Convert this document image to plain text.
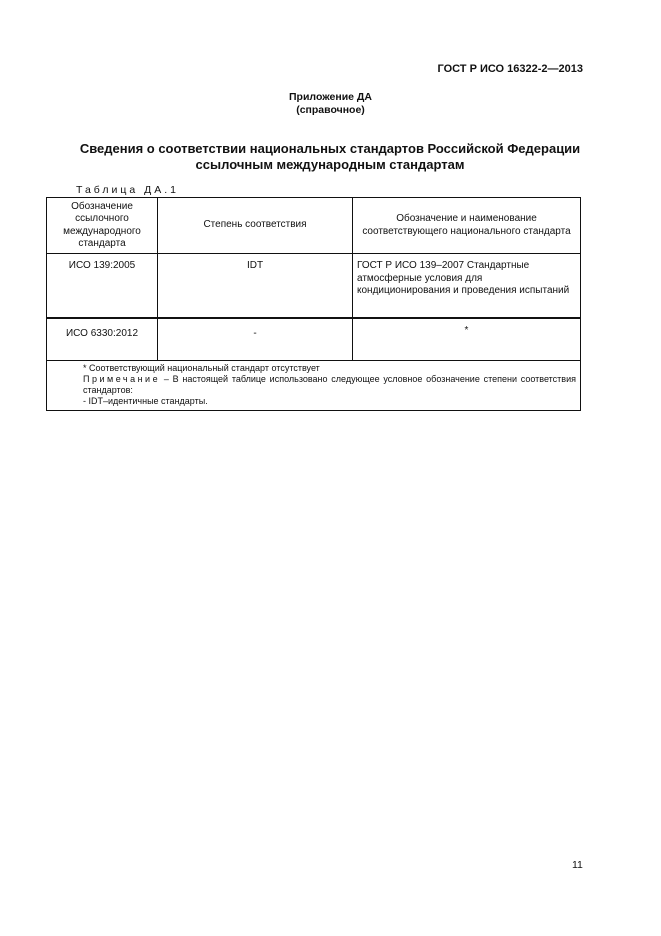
ГОСТ Р ИСО 16322-2—2013
Приложение ДА
(справочное)
Сведения о соответствии национальных стандартов Российской Федерации
ссылочным международным стандартам
Таблица ДА.1
Обозначение ссылочного международного стандарта	Степень соответствия	Обозначение и наименование соответствующего национального стандарта
ИСО 139:2005	IDT	ГОСТ Р ИСО 139–2007 Стандартные атмосферные условия для кондиционирования и проведения испытаний
ИСО 6330:2012	-	*

* Соответствующий национальный стандарт отсутствует
Примечание – В настоящей таблице использовано следующее условное обозначение степени соответствия стандартов:
- IDT–идентичные стандарты.		
11
